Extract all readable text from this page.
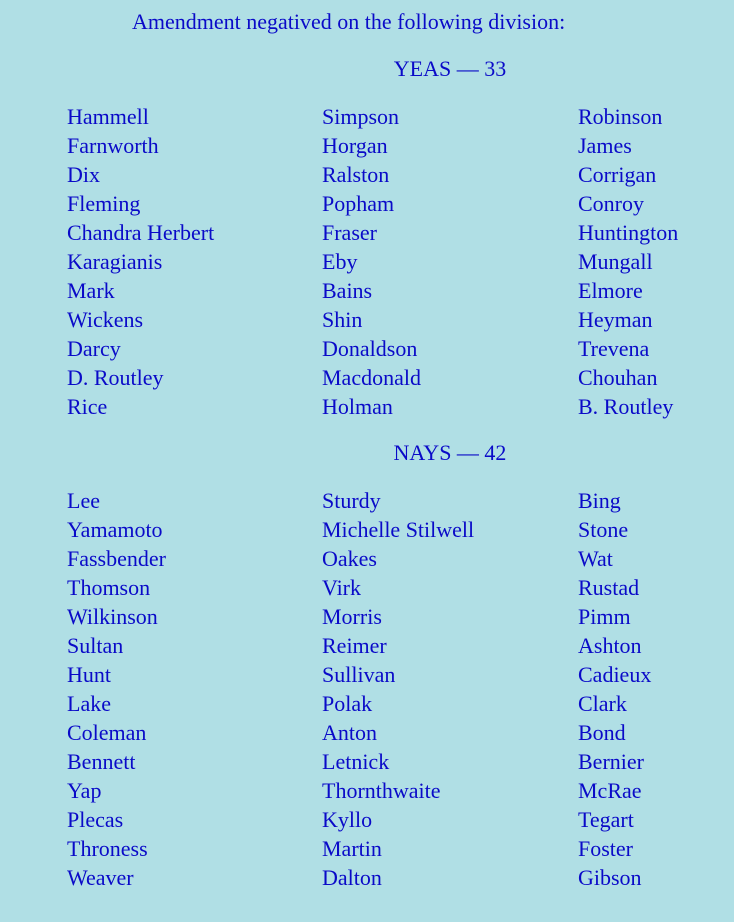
Amendment negatived on the following division:
YEAS — 33
Hammell
Farnworth
Dix
Fleming
Chandra Herbert
Karagianis
Mark
Wickens
Darcy
D. Routley
Rice
Simpson
Horgan
Ralston
Popham
Fraser
Eby
Bains
Shin
Donaldson
Macdonald
Holman
Robinson
James
Corrigan
Conroy
Huntington
Mungall
Elmore
Heyman
Trevena
Chouhan
B. Routley
NAYS — 42
Lee
Yamamoto
Fassbender
Thomson
Wilkinson
Sultan
Hunt
Lake
Coleman
Bennett
Yap
Plecas
Throness
Weaver
Sturdy
Michelle Stilwell
Oakes
Virk
Morris
Reimer
Sullivan
Polak
Anton
Letnick
Thornthwaite
Kyllo
Martin
Dalton
Bing
Stone
Wat
Rustad
Pimm
Ashton
Cadieux
Clark
Bond
Bernier
McRae
Tegart
Foster
Gibson
